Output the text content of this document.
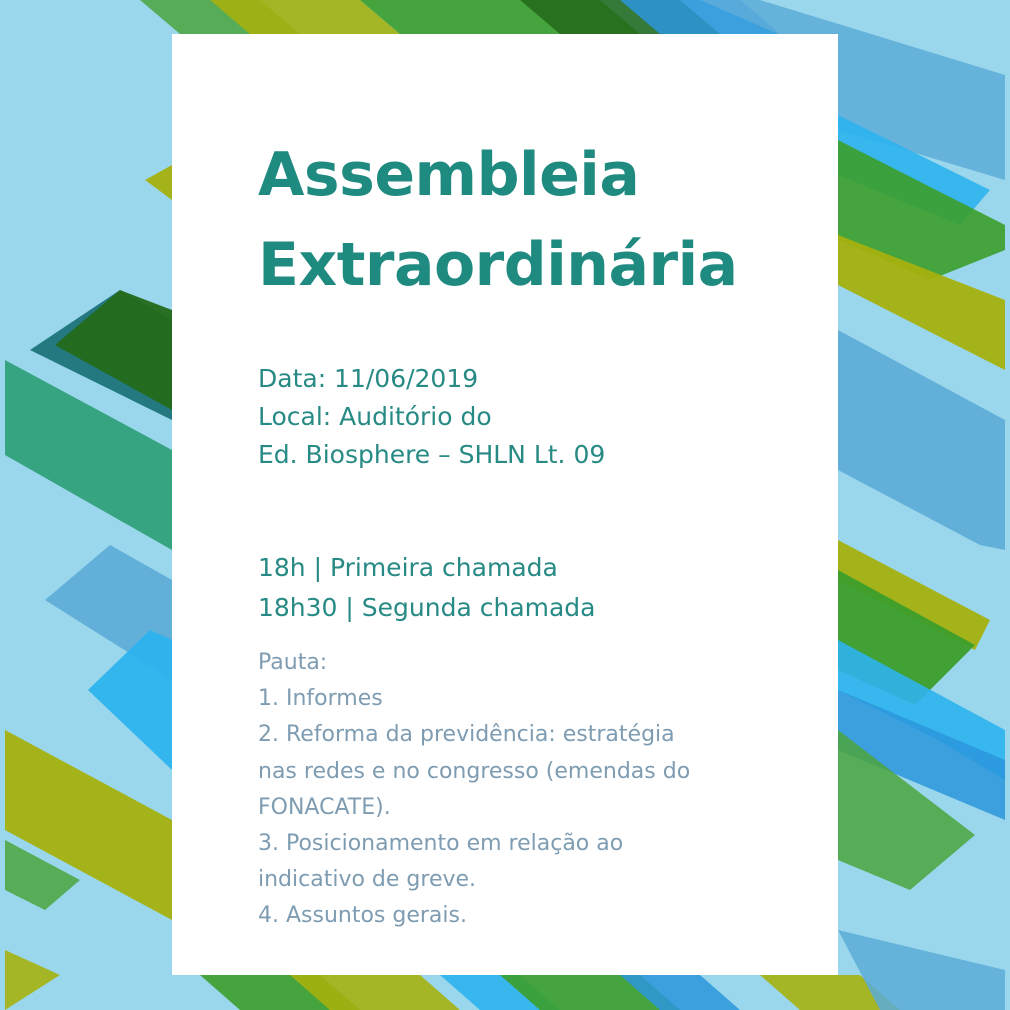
Assembleia
Extraordinária
Data: 11/06/2019
Local: Auditório do
Ed. Biosphere – SHLN Lt. 09
18h | Primeira chamada
18h30 | Segunda chamada
Pauta:
1. Informes
2. Reforma da previdência: estratégia
nas redes e no congresso (emendas do
FONACATE).
3. Posicionamento em relação ao
indicativo de greve.
4. Assuntos gerais.
